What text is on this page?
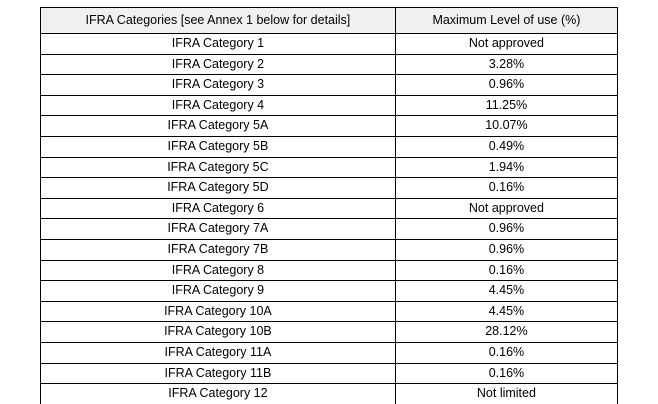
IFRA Categories [see Annex 1 below for details]	Maximum Level of use (%)
IFRA Category 1	Not approved
IFRA Category 2	3.28%
IFRA Category 3	0.96%
IFRA Category 4	11.25%
IFRA Category 5A	10.07%
IFRA Category 5B	0.49%
IFRA Category 5C	1.94%
IFRA Category 5D	0.16%
IFRA Category 6	Not approved
IFRA Category 7A	0.96%
IFRA Category 7B	0.96%
IFRA Category 8	0.16%
IFRA Category 9	4.45%
IFRA Category 10A	4.45%
IFRA Category 10B	28.12%
IFRA Category 11A	0.16%
IFRA Category 11B	0.16%
IFRA Category 12	Not limited
